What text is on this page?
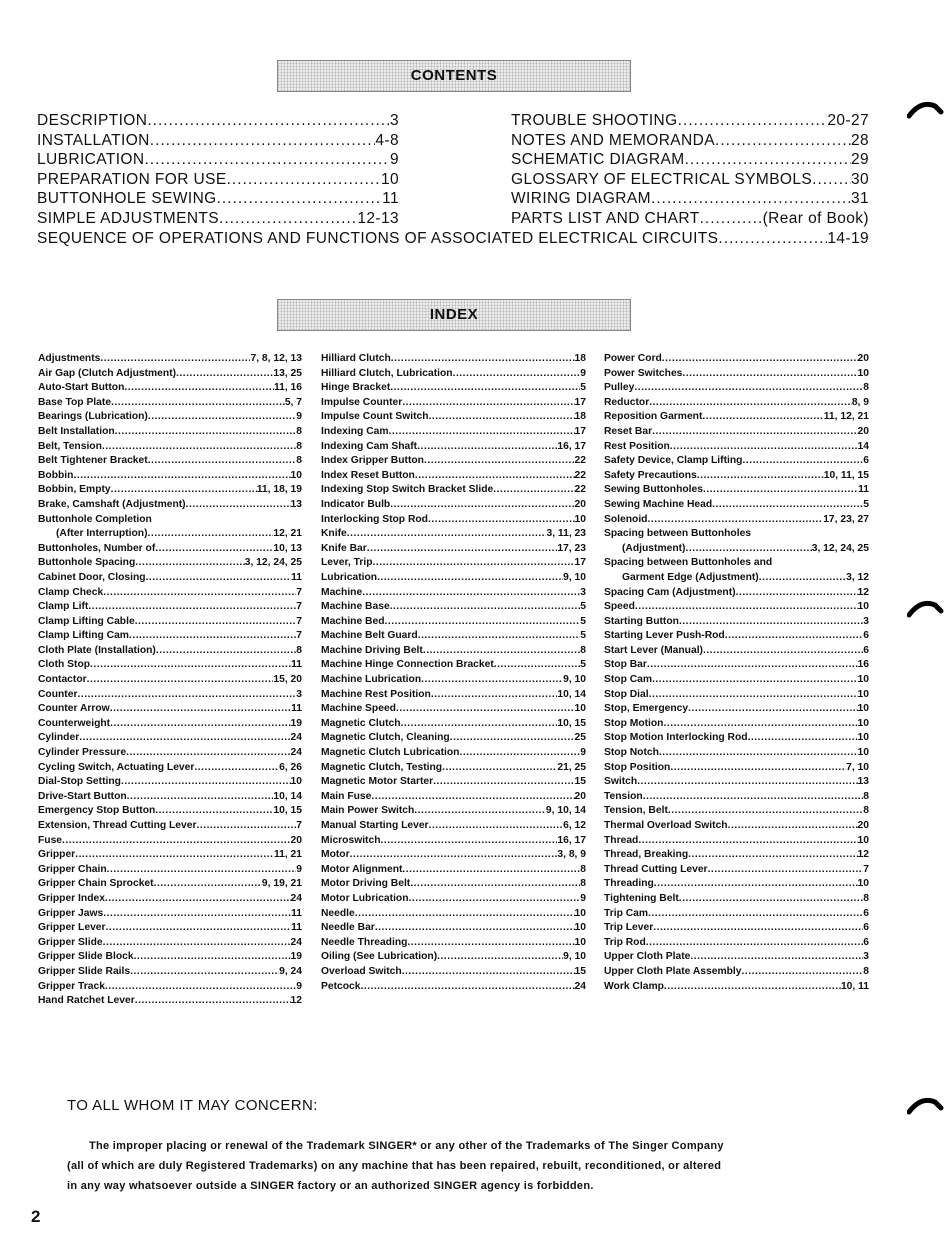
CONTENTS
DESCRIPTION .....	3
INSTALLATION .....	4-8
LUBRICATION .....	9
PREPARATION FOR USE .....	10
BUTTONHOLE SEWING .....	11
SIMPLE ADJUSTMENTS .....	12-13
TROUBLE SHOOTING .....	20-27
NOTES AND MEMORANDA .....	28
SCHEMATIC DIAGRAM .....	29
GLOSSARY OF ELECTRICAL SYMBOLS .....	30
WIRING DIAGRAM .....	31
PARTS LIST AND CHART .....	(Rear of Book)
SEQUENCE OF OPERATIONS AND FUNCTIONS OF ASSOCIATED ELECTRICAL CIRCUITS .....	14-19
INDEX
Adjustments .....	7, 8, 12, 13
Air Gap (Clutch Adjustment) .....	13, 25
Auto-Start Button .....	11, 16
Base Top Plate .....	5, 7
Bearings (Lubrication) .....	9
Belt Installation .....	8
Belt, Tension .....	8
Belt Tightener Bracket .....	8
Bobbin .....	10
Bobbin, Empty .....	11, 18, 19
Brake, Camshaft (Adjustment) .....	13
Buttonhole Completion
(After Interruption) .....	12, 21
Buttonholes, Number of .....	10, 13
Buttonhole Spacing .....	3, 12, 24, 25
Cabinet Door, Closing .....	11
Clamp Check .....	7
Clamp Lift .....	7
Clamp Lifting Cable .....	7
Clamp Lifting Cam .....	7
Cloth Plate (Installation) .....	8
Cloth Stop .....	11
Contactor .....	15, 20
Counter .....	3
Counter Arrow .....	11
Counterweight .....	19
Cylinder .....	24
Cylinder Pressure .....	24
Cycling Switch, Actuating Lever .....	6, 26
Dial-Stop Setting .....	10
Drive-Start Button .....	10, 14
Emergency Stop Button .....	10, 15
Extension, Thread Cutting Lever .....	7
Fuse .....	20
Gripper .....	11, 21
Gripper Chain .....	9
Gripper Chain Sprocket .....	9, 19, 21
Gripper Index .....	24
Gripper Jaws .....	11
Gripper Lever .....	11
Gripper Slide .....	24
Gripper Slide Block .....	19
Gripper Slide Rails .....	9, 24
Gripper Track .....	9
Hand Ratchet Lever .....	12
Hilliard Clutch .....	18
Hilliard Clutch, Lubrication .....	9
Hinge Bracket .....	5
Impulse Counter .....	17
Impulse Count Switch .....	18
Indexing Cam .....	17
Indexing Cam Shaft .....	16, 17
Index Gripper Button .....	22
Index Reset Button .....	22
Indexing Stop Switch Bracket Slide .....	22
Indicator Bulb .....	20
Interlocking Stop Rod .....	10
Knife .....	3, 11, 23
Knife Bar .....	17, 23
Lever, Trip .....	17
Lubrication .....	9, 10
Machine .....	3
Machine Base .....	5
Machine Bed .....	5
Machine Belt Guard .....	5
Machine Driving Belt .....	8
Machine Hinge Connection Bracket .....	5
Machine Lubrication .....	9, 10
Machine Rest Position .....	10, 14
Machine Speed .....	10
Magnetic Clutch .....	10, 15
Magnetic Clutch, Cleaning .....	25
Magnetic Clutch Lubrication .....	9
Magnetic Clutch, Testing .....	21, 25
Magnetic Motor Starter .....	15
Main Fuse .....	20
Main Power Switch .....	9, 10, 14
Manual Starting Lever .....	6, 12
Microswitch .....	16, 17
Motor .....	3, 8, 9
Motor Alignment .....	8
Motor Driving Belt .....	8
Motor Lubrication .....	9
Needle .....	10
Needle Bar .....	10
Needle Threading .....	10
Oiling (See Lubrication) .....	9, 10
Overload Switch .....	15
Petcock .....	24
Power Cord .....	20
Power Switches .....	10
Pulley .....	8
Reductor .....	8, 9
Reposition Garment .....	11, 12, 21
Reset Bar .....	20
Rest Position .....	14
Safety Device, Clamp Lifting .....	6
Safety Precautions .....	10, 11, 15
Sewing Buttonholes .....	11
Sewing Machine Head .....	5
Solenoid .....	17, 23, 27
Spacing between Buttonholes
(Adjustment) .....	3, 12, 24, 25
Spacing between Buttonholes and
Garment Edge (Adjustment) .....	3, 12
Spacing Cam (Adjustment) .....	12
Speed .....	10
Starting Button .....	3
Starting Lever Push-Rod .....	6
Start Lever (Manual) .....	6
Stop Bar .....	16
Stop Cam .....	10
Stop Dial .....	10
Stop, Emergency .....	10
Stop Motion .....	10
Stop Motion Interlocking Rod .....	10
Stop Notch .....	10
Stop Position .....	7, 10
Switch .....	13
Tension .....	8
Tension, Belt .....	8
Thermal Overload Switch .....	20
Thread .....	10
Thread, Breaking .....	12
Thread Cutting Lever .....	7
Threading .....	10
Tightening Belt .....	8
Trip Cam .....	6
Trip Lever .....	6
Trip Rod .....	6
Upper Cloth Plate .....	3
Upper Cloth Plate Assembly .....	8
Work Clamp .....	10, 11
TO ALL WHOM IT MAY CONCERN:
The improper placing or renewal of the Trademark SINGER* or any other of the Trademarks of The Singer Company
(all of which are duly Registered Trademarks) on any machine that has been repaired, rebuilt, reconditioned, or altered
in any way whatsoever outside a SINGER factory or an authorized SINGER agency is forbidden.
2
